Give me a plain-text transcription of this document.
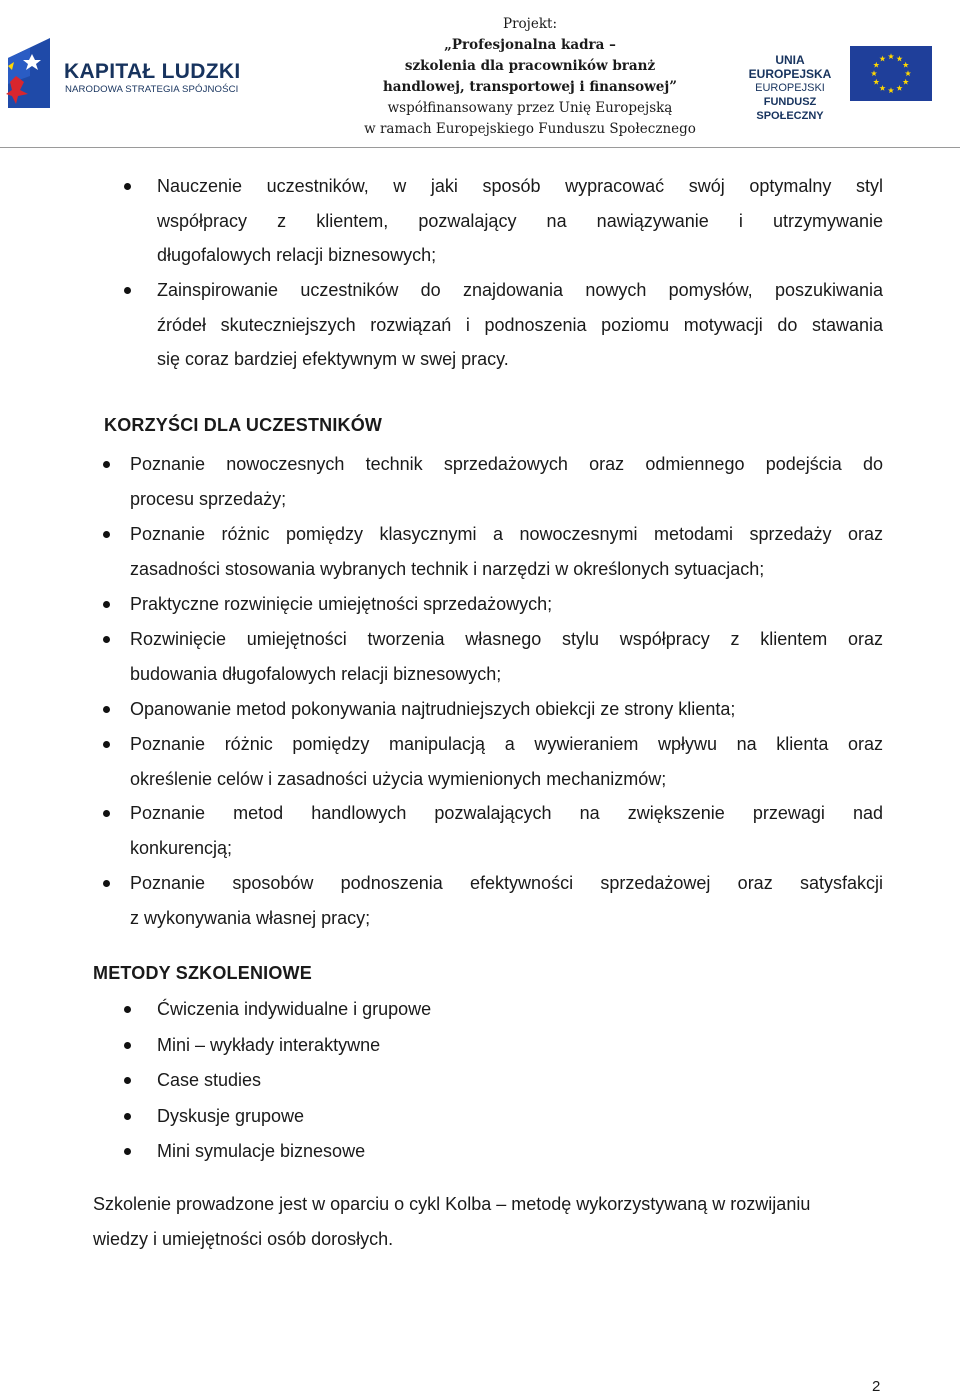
KAPITAŁ LUDZKI
NARODOWA STRATEGIA SPÓJNOŚCI
Projekt:
„Profesjonalna kadra –
szkolenia dla pracowników branż
handlowej, transportowej i finansowej”
współfinansowany przez Unię Europejską
w ramach Europejskiego Funduszu Społecznego
UNIA EUROPEJSKA
EUROPEJSKI
FUNDUSZ SPOŁECZNY
Nauczenie uczestników, w jaki sposób wypracować swój optymalny styl
współpracy z klientem, pozwalający na nawiązywanie i utrzymywanie
długofalowych relacji biznesowych;
Zainspirowanie uczestników do znajdowania nowych pomysłów, poszukiwania
źródeł skuteczniejszych rozwiązań i podnoszenia poziomu motywacji do stawania
się coraz bardziej efektywnym w swej pracy.
KORZYŚCI DLA UCZESTNIKÓW
Poznanie nowoczesnych technik sprzedażowych oraz odmiennego podejścia do
procesu sprzedaży;
Poznanie różnic pomiędzy klasycznymi a nowoczesnymi metodami sprzedaży oraz
zasadności stosowania wybranych technik i narzędzi w określonych sytuacjach;
Praktyczne rozwinięcie umiejętności sprzedażowych;
Rozwinięcie umiejętności tworzenia własnego stylu współpracy z klientem oraz
budowania długofalowych relacji biznesowych;
Opanowanie metod pokonywania najtrudniejszych obiekcji ze strony klienta;
Poznanie różnic pomiędzy manipulacją a wywieraniem wpływu na klienta oraz
określenie celów i zasadności użycia wymienionych mechanizmów;
Poznanie metod handlowych pozwalających na zwiększenie przewagi nad
konkurencją;
Poznanie sposobów podnoszenia efektywności sprzedażowej oraz satysfakcji
z wykonywania własnej pracy;
METODY SZKOLENIOWE
Ćwiczenia indywidualne i grupowe
Mini – wykłady interaktywne
Case studies
Dyskusje grupowe
Mini symulacje biznesowe
Szkolenie prowadzone jest w oparciu o cykl Kolba – metodę wykorzystywaną w rozwijaniu
wiedzy i umiejętności osób dorosłych.
2
